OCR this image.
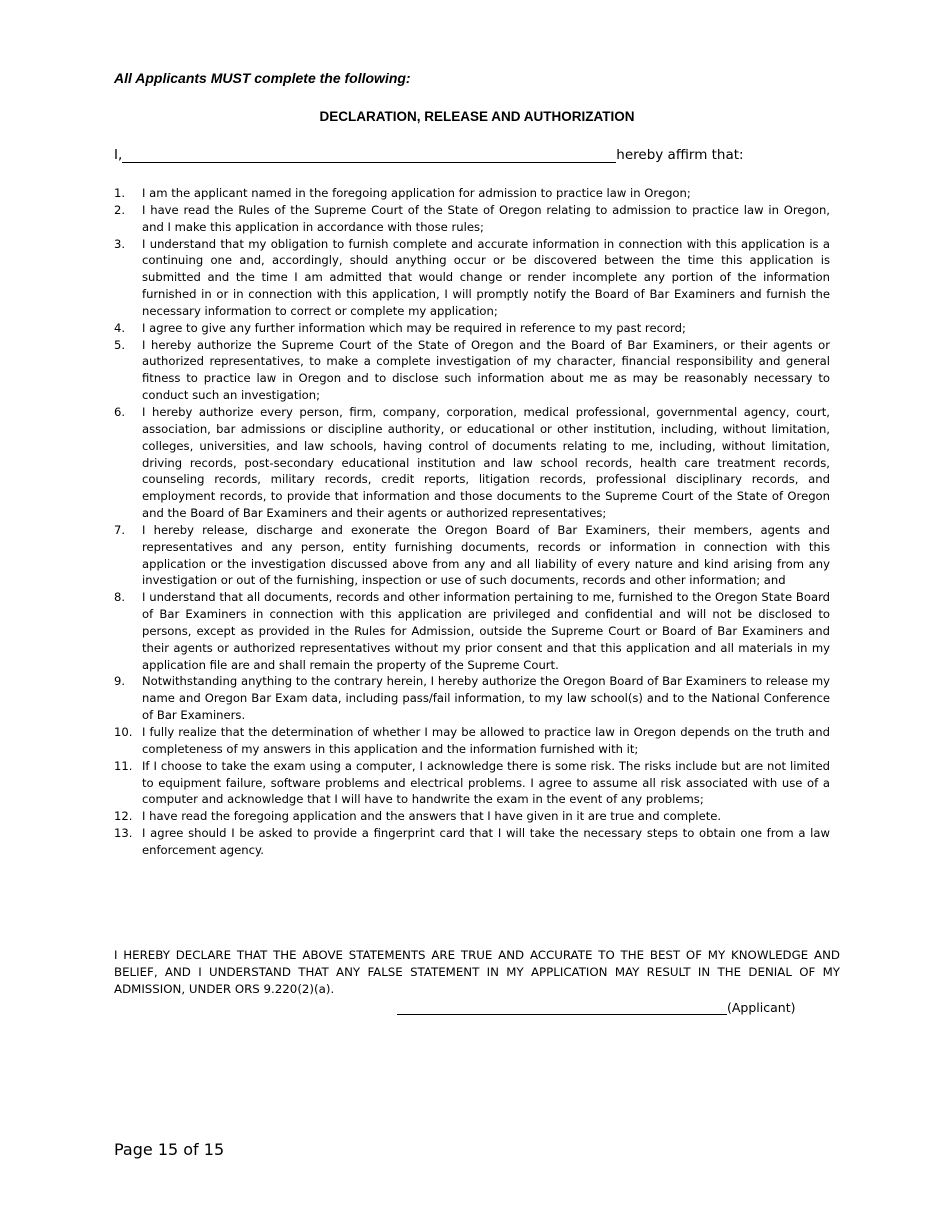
All Applicants MUST complete the following:
DECLARATION, RELEASE AND AUTHORIZATION
I,	hereby affirm that:
1. I am the applicant named in the foregoing application for admission to practice law in Oregon;
2. I have read the Rules of the Supreme Court of the State of Oregon relating to admission to practice law in Oregon, and I make this application in accordance with those rules;
3. I understand that my obligation to furnish complete and accurate information in connection with this application is a continuing one and, accordingly, should anything occur or be discovered between the time this application is submitted and the time I am admitted that would change or render incomplete any portion of the information furnished in or in connection with this application, I will promptly notify the Board of Bar Examiners and furnish the necessary information to correct or complete my application;
4. I agree to give any further information which may be required in reference to my past record;
5. I hereby authorize the Supreme Court of the State of Oregon and the Board of Bar Examiners, or their agents or authorized representatives, to make a complete investigation of my character, financial responsibility and general fitness to practice law in Oregon and to disclose such information about me as may be reasonably necessary to conduct such an investigation;
6. I hereby authorize every person, firm, company, corporation, medical professional, governmental agency, court, association, bar admissions or discipline authority, or educational or other institution, including, without limitation, colleges, universities, and law schools, having control of documents relating to me, including, without limitation, driving records, post-secondary educational institution and law school records, health care treatment records, counseling records, military records, credit reports, litigation records, professional disciplinary records, and employment records, to provide that information and those documents to the Supreme Court of the State of Oregon and the Board of Bar Examiners and their agents or authorized representatives;
7. I hereby release, discharge and exonerate the Oregon Board of Bar Examiners, their members, agents and representatives and any person, entity furnishing documents, records or information in connection with this application or the investigation discussed above from any and all liability of every nature and kind arising from any investigation or out of the furnishing, inspection or use of such documents, records and other information; and
8. I understand that all documents, records and other information pertaining to me, furnished to the Oregon State Board of Bar Examiners in connection with this application are privileged and confidential and will not be disclosed to persons, except as provided in the Rules for Admission, outside the Supreme Court or Board of Bar Examiners and their agents or authorized representatives without my prior consent and that this application and all materials in my application file are and shall remain the property of the Supreme Court.
9. Notwithstanding anything to the contrary herein, I hereby authorize the Oregon Board of Bar Examiners to release my name and Oregon Bar Exam data, including pass/fail information, to my law school(s) and to the National Conference of Bar Examiners.
10. I fully realize that the determination of whether I may be allowed to practice law in Oregon depends on the truth and completeness of my answers in this application and the information furnished with it;
11. If I choose to take the exam using a computer, I acknowledge there is some risk. The risks include but are not limited to equipment failure, software problems and electrical problems. I agree to assume all risk associated with use of a computer and acknowledge that I will have to handwrite the exam in the event of any problems;
12. I have read the foregoing application and the answers that I have given in it are true and complete.
13. I agree should I be asked to provide a fingerprint card that I will take the necessary steps to obtain one from a law enforcement agency.
I HEREBY DECLARE THAT THE ABOVE STATEMENTS ARE TRUE AND ACCURATE TO THE BEST OF MY KNOWLEDGE AND BELIEF, AND I UNDERSTAND THAT ANY FALSE STATEMENT IN MY APPLICATION MAY RESULT IN THE DENIAL OF MY ADMISSION, UNDER ORS 9.220(2)(a).
(Applicant)
Page 15 of 15
